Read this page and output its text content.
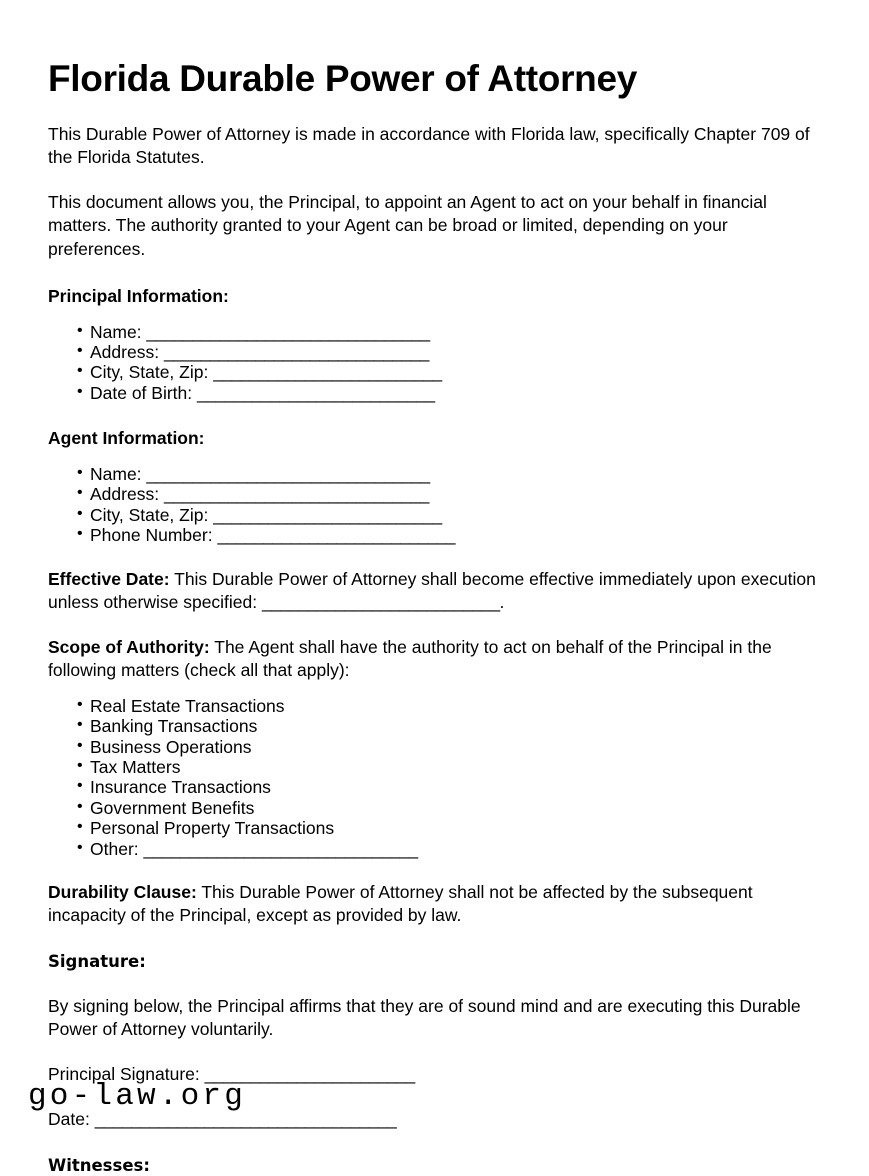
Florida Durable Power of Attorney

This Durable Power of Attorney is made in accordance with Florida law, specifically Chapter 709 of the Florida Statutes.

This document allows you, the Principal, to appoint an Agent to act on your behalf in financial matters. The authority granted to your Agent can be broad or limited, depending on your preferences.

Principal Information:
• Name: _______________________________
• Address: _____________________________
• City, State, Zip: _________________________
• Date of Birth: __________________________
Agent Information:
• Name: _______________________________
• Address: _____________________________
• City, State, Zip: _________________________
• Phone Number: __________________________

Effective Date: This Durable Power of Attorney shall become effective immediately upon execution unless otherwise specified: __________________________.

Scope of Authority: The Agent shall have the authority to act on behalf of the Principal in the following matters (check all that apply):

• Real Estate Transactions
• Banking Transactions
• Business Operations
• Tax Matters
• Insurance Transactions
• Government Benefits
• Personal Property Transactions
• Other: ______________________________

Durability Clause: This Durable Power of Attorney shall not be affected by the subsequent incapacity of the Principal, except as provided by law.

Signature:

By signing below, the Principal affirms that they are of sound mind and are executing this Durable Power of Attorney voluntarily.

Principal Signature: _______________________

Date: _________________________________

Witnesses:
go-law.org
